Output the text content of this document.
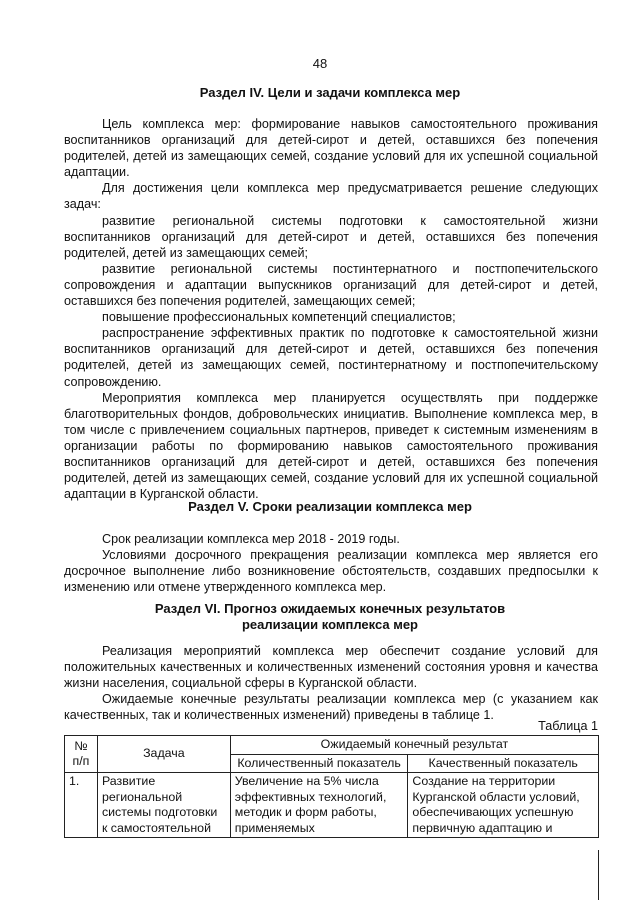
48
Раздел IV. Цели и задачи комплекса мер

Цель комплекса мер: формирование навыков самостоятельного проживания воспитанников организаций для детей-сирот и детей, оставшихся без попечения родителей, детей из замещающих семей, создание условий для их успешной социальной адаптации.

Для достижения цели комплекса мер предусматривается решение следующих задач:

развитие региональной системы подготовки к самостоятельной жизни воспитанников организаций для детей-сирот и детей, оставшихся без попечения родителей, детей из замещающих семей;

развитие региональной системы постинтернатного и постпопечительского сопровождения и адаптации выпускников организаций для детей-сирот и детей, оставшихся без попечения родителей, замещающих семей;

повышение профессиональных компетенций специалистов;

распространение эффективных практик по подготовке к самостоятельной жизни воспитанников организаций для детей-сирот и детей, оставшихся без попечения родителей, детей из замещающих семей, постинтернатному и постпопечительскому сопровождению.

Мероприятия комплекса мер планируется осуществлять при поддержке благотворительных фондов, добровольческих инициатив. Выполнение комплекса мер, в том числе с привлечением социальных партнеров, приведет к системным изменениям в организации работы по формированию навыков самостоятельного проживания воспитанников организаций для детей-сирот и детей, оставшихся без попечения родителей, детей из замещающих семей, создание условий для их успешной социальной адаптации в Курганской области.

Раздел V. Сроки реализации комплекса мер

Срок реализации комплекса мер 2018 - 2019 годы.

Условиями досрочного прекращения реализации комплекса мер является его досрочное выполнение либо возникновение обстоятельств, создавших предпосылки к изменению или отмене утвержденного комплекса мер.

Раздел VI. Прогноз ожидаемых конечных результатов
реализации комплекса мер

Реализация мероприятий комплекса мер обеспечит создание условий для положительных качественных и количественных изменений состояния уровня и качества жизни населения, социальной сферы в Курганской области.

Ожидаемые конечные результаты реализации комплекса мер (с указанием как качественных, так и количественных изменений) приведены в таблице 1.

Таблица 1
№ п/п	Задача	Ожидаемый конечный результат	
		Количественный показатель	Качественный показатель
1.	Развитие региональной системы подготовки к самостоятельной	Увеличение на 5% числа эффективных технологий, методик и форм работы, применяемых	Создание на территории Курганской области условий, обеспечивающих успешную первичную адаптацию и
